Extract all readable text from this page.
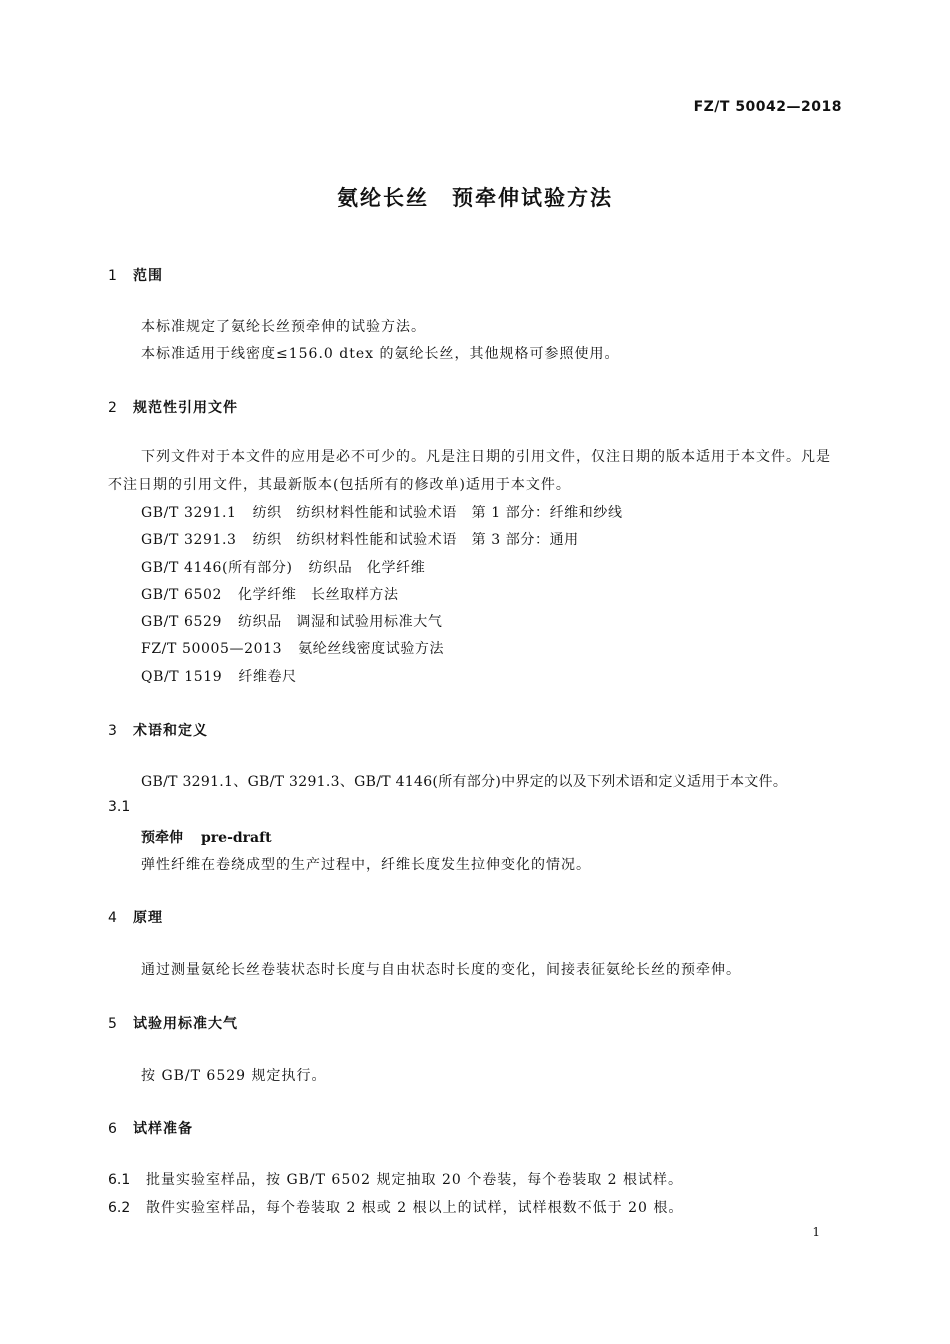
FZ/T 50042—2018
氨纶长丝　预牵伸试验方法
1 范围
本标准规定了氨纶长丝预牵伸的试验方法。
本标准适用于线密度≤156.0 dtex 的氨纶长丝，其他规格可参照使用。
2 规范性引用文件
下列文件对于本文件的应用是必不可少的。凡是注日期的引用文件，仅注日期的版本适用于本文件。凡是不注日期的引用文件，其最新版本(包括所有的修改单)适用于本文件。
GB/T 3291.1 纺织　纺织材料性能和试验术语　第 1 部分：纤维和纱线
GB/T 3291.3 纺织　纺织材料性能和试验术语　第 3 部分：通用
GB/T 4146(所有部分) 纺织品　化学纤维
GB/T 6502 化学纤维　长丝取样方法
GB/T 6529 纺织品　调湿和试验用标准大气
FZ/T 50005—2013 氨纶丝线密度试验方法
QB/T 1519 纤维卷尺
3 术语和定义
GB/T 3291.1、GB/T 3291.3、GB/T 4146(所有部分)中界定的以及下列术语和定义适用于本文件。
3.1
预牵伸 pre-draft
弹性纤维在卷绕成型的生产过程中，纤维长度发生拉伸变化的情况。
4 原理
通过测量氨纶长丝卷装状态时长度与自由状态时长度的变化，间接表征氨纶长丝的预牵伸。
5 试验用标准大气
按 GB/T 6529 规定执行。
6 试样准备
6.1 批量实验室样品，按 GB/T 6502 规定抽取 20 个卷装，每个卷装取 2 根试样。
6.2 散件实验室样品，每个卷装取 2 根或 2 根以上的试样，试样根数不低于 20 根。
1
